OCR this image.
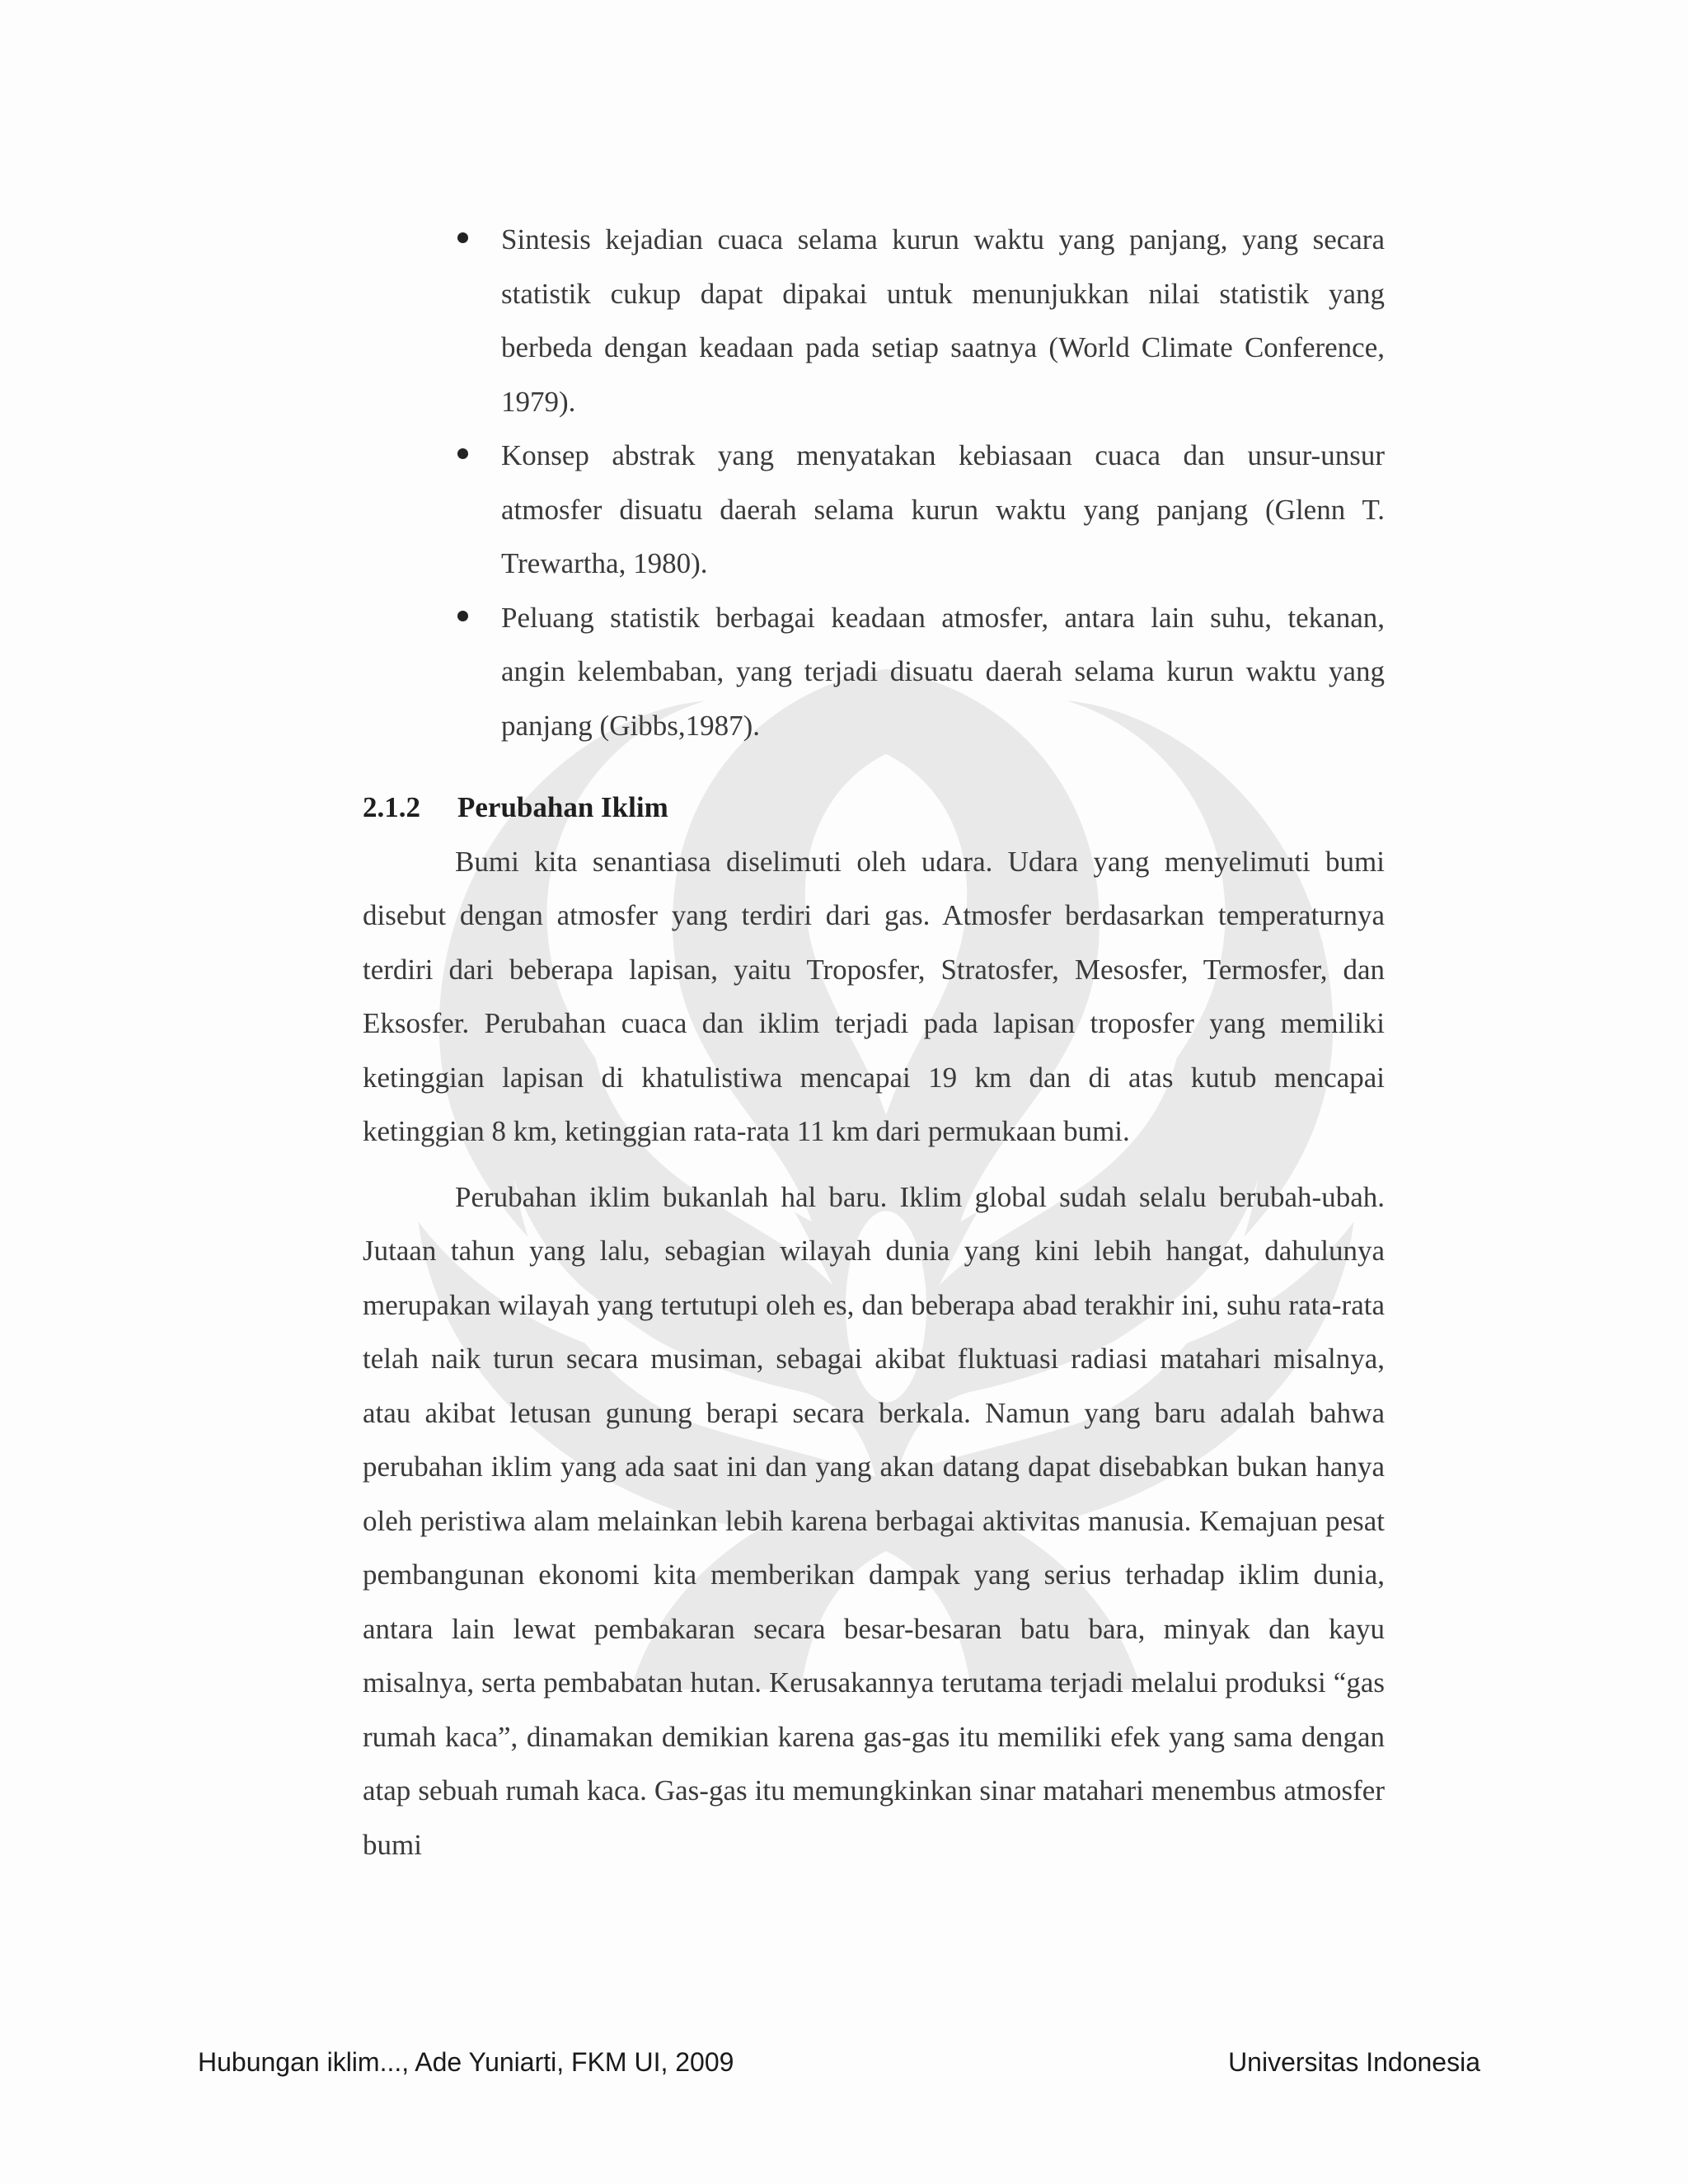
Sintesis kejadian cuaca selama kurun waktu yang panjang, yang secara statistik cukup dapat dipakai untuk menunjukkan nilai statistik yang berbeda dengan keadaan pada setiap saatnya (World Climate Conference, 1979).
Konsep abstrak yang menyatakan kebiasaan cuaca dan unsur-unsur atmosfer disuatu daerah selama kurun waktu yang panjang (Glenn T. Trewartha, 1980).
Peluang statistik berbagai keadaan atmosfer, antara lain suhu, tekanan, angin kelembaban, yang terjadi disuatu daerah selama kurun waktu yang panjang (Gibbs,1987).
2.1.2	Perubahan Iklim

Bumi kita senantiasa diselimuti oleh udara. Udara yang menyelimuti bumi disebut dengan atmosfer yang terdiri dari gas. Atmosfer berdasarkan temperaturnya terdiri dari beberapa lapisan, yaitu Troposfer, Stratosfer, Mesosfer, Termosfer, dan Eksosfer. Perubahan cuaca dan iklim terjadi pada lapisan troposfer yang memiliki ketinggian lapisan di khatulistiwa mencapai 19 km dan di atas kutub mencapai ketinggian 8 km, ketinggian rata-rata 11 km dari permukaan bumi.

Perubahan iklim bukanlah hal baru. Iklim global sudah selalu berubah-ubah. Jutaan tahun yang lalu, sebagian wilayah dunia yang kini lebih hangat, dahulunya merupakan wilayah yang tertutupi oleh es, dan beberapa abad terakhir ini, suhu rata-rata telah naik turun secara musiman, sebagai akibat fluktuasi radiasi matahari misalnya, atau akibat letusan gunung berapi secara berkala. Namun yang baru adalah bahwa perubahan iklim yang ada saat ini dan yang akan datang dapat disebabkan bukan hanya oleh peristiwa alam melainkan lebih karena berbagai aktivitas manusia. Kemajuan pesat pembangunan ekonomi kita memberikan dampak yang serius terhadap iklim dunia, antara lain lewat pembakaran secara besar-besaran batu bara, minyak dan kayu misalnya, serta pembabatan hutan. Kerusakannya terutama terjadi melalui produksi “gas rumah kaca”, dinamakan demikian karena gas-gas itu memiliki efek yang sama dengan atap sebuah rumah kaca. Gas-gas itu memungkinkan sinar matahari menembus atmosfer bumi

Hubungan iklim..., Ade Yuniarti, FKM UI, 2009	Universitas Indonesia
